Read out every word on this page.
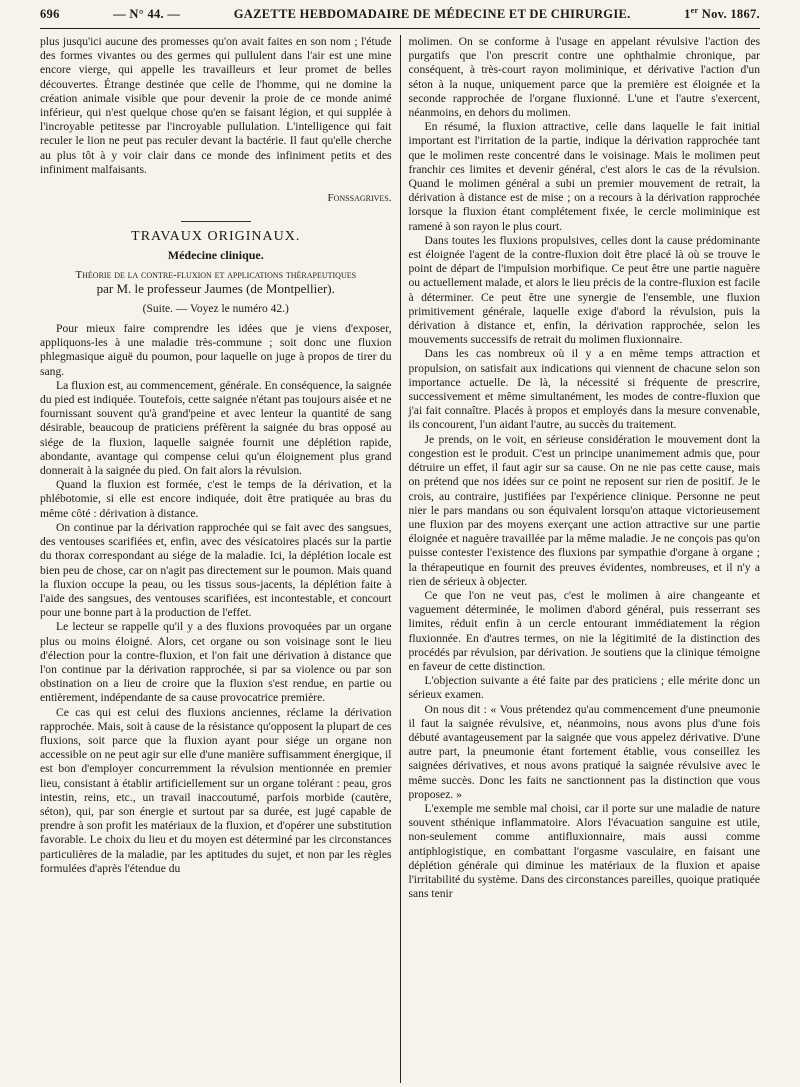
696	— N° 44. —	GAZETTE HEBDOMADAIRE DE MÉDECINE ET DE CHIRURGIE.	1er Nov. 1867.

plus jusqu'ici aucune des promesses qu'on avait faites en son nom ; l'étude des formes vivantes ou des germes qui pullulent dans l'air est une mine encore vierge, qui appelle les travailleurs et leur promet de belles découvertes. Étrange destinée que celle de l'homme, qui ne domine la création animale visible que pour devenir la proie de ce monde animé inférieur, qui n'est quelque chose qu'en se faisant légion, et qui supplée à l'incroyable petitesse par l'incroyable pullulation. L'intelligence qui fait reculer le lion ne peut pas reculer devant la bactérie. Il faut qu'elle cherche au plus tôt à y voir clair dans ce monde des infiniment petits et des infiniment malfaisants.

Fonssagrives.
TRAVAUX ORIGINAUX.
Médecine clinique.
Théorie de la contre-fluxion et applications thérapeutiques
par M. le professeur Jaumes (de Montpellier).
(Suite. — Voyez le numéro 42.)

Pour mieux faire comprendre les idées que je viens d'exposer, appliquons-les à une maladie très-commune ; soit donc une fluxion phlegmasique aiguë du poumon, pour laquelle on juge à propos de tirer du sang.

La fluxion est, au commencement, générale. En conséquence, la saignée du pied est indiquée. Toutefois, cette saignée n'étant pas toujours aisée et ne fournissant souvent qu'à grand'peine et avec lenteur la quantité de sang désirable, beaucoup de praticiens préfèrent la saignée du bras opposé au siége de la fluxion, laquelle saignée fournit une déplétion rapide, abondante, avantage qui compense celui qu'un éloignement plus grand donnerait à la saignée du pied. On fait alors la révulsion.

Quand la fluxion est formée, c'est le temps de la dérivation, et la phlébotomie, si elle est encore indiquée, doit être pratiquée au bras du même côté : dérivation à distance.

On continue par la dérivation rapprochée qui se fait avec des sangsues, des ventouses scarifiées et, enfin, avec des vésicatoires placés sur la partie du thorax correspondant au siége de la maladie. Ici, la déplétion locale est bien peu de chose, car on n'agit pas directement sur le poumon. Mais quand la fluxion occupe la peau, ou les tissus sous-jacents, la déplétion faite à l'aide des sangsues, des ventouses scarifiées, est incontestable, et concourt pour une bonne part à la production de l'effet.

Le lecteur se rappelle qu'il y a des fluxions provoquées par un organe plus ou moins éloigné. Alors, cet organe ou son voisinage sont le lieu d'élection pour la contre-fluxion, et l'on fait une dérivation à distance que l'on continue par la dérivation rapprochée, si par sa violence ou par son obstination on a lieu de croire que la fluxion s'est rendue, en partie ou entièrement, indépendante de sa cause provocatrice première.

Ce cas qui est celui des fluxions anciennes, réclame la dérivation rapprochée. Mais, soit à cause de la résistance qu'opposent la plupart de ces fluxions, soit parce que la fluxion ayant pour siége un organe non accessible on ne peut agir sur elle d'une manière suffisamment énergique, il est bon d'employer concurremment la révulsion mentionnée en premier lieu, consistant à établir artificiellement sur un organe tolérant : peau, gros intestin, reins, etc., un travail inaccoutumé, parfois morbide (cautère, séton), qui, par son énergie et surtout par sa durée, est jugé capable de prendre à son profit les matériaux de la fluxion, et d'opérer une substitution favorable. Le choix du lieu et du moyen est déterminé par les circonstances particulières de la maladie, par les aptitudes du sujet, et non par les règles formulées d'après l'étendue du

molimen. On se conforme à l'usage en appelant révulsive l'action des purgatifs que l'on prescrit contre une ophthalmie chronique, par conséquent, à très-court rayon moliminique, et dérivative l'action d'un séton à la nuque, uniquement parce que la première est éloignée et la seconde rapprochée de l'organe fluxionné. L'une et l'autre s'exercent, néanmoins, en dehors du molimen.

En résumé, la fluxion attractive, celle dans laquelle le fait initial important est l'irritation de la partie, indique la dérivation rapprochée tant que le molimen reste concentré dans le voisinage. Mais le molimen peut franchir ces limites et devenir général, c'est alors le cas de la révulsion. Quand le molimen général a subi un premier mouvement de retrait, la dérivation à distance est de mise ; on a recours à la dérivation rapprochée lorsque la fluxion étant complétement fixée, le cercle moliminique est ramené à son rayon le plus court.

Dans toutes les fluxions propulsives, celles dont la cause prédominante est éloignée l'agent de la contre-fluxion doit être placé là où se trouve le point de départ de l'impulsion morbifique. Ce peut être une partie naguère ou actuellement malade, et alors le lieu précis de la contre-fluxion est facile à déterminer. Ce peut être une synergie de l'ensemble, une fluxion primitivement générale, laquelle exige d'abord la révulsion, puis la dérivation à distance et, enfin, la dérivation rapprochée, selon les mouvements successifs de retrait du molimen fluxionnaire.

Dans les cas nombreux où il y a en même temps attraction et propulsion, on satisfait aux indications qui viennent de chacune selon son importance actuelle. De là, la nécessité si fréquente de prescrire, successivement et même simultanément, les modes de contre-fluxion que j'ai fait connaître. Placés à propos et employés dans la mesure convenable, ils concourent, l'un aidant l'autre, au succès du traitement.

Je prends, on le voit, en sérieuse considération le mouvement dont la congestion est le produit. C'est un principe unanimement admis que, pour détruire un effet, il faut agir sur sa cause. On ne nie pas cette cause, mais on prétend que nos idées sur ce point ne reposent sur rien de positif. Je le crois, au contraire, justifiées par l'expérience clinique. Personne ne peut nier le pars mandans ou son équivalent lorsqu'on attaque victorieusement une fluxion par des moyens exerçant une action attractive sur une partie éloignée et naguère travaillée par la même maladie. Je ne conçois pas qu'on puisse contester l'existence des fluxions par sympathie d'organe à organe ; la thérapeutique en fournit des preuves évidentes, nombreuses, et il n'y a rien de sérieux à objecter.

Ce que l'on ne veut pas, c'est le molimen à aire changeante et vaguement déterminée, le molimen d'abord général, puis resserrant ses limites, réduit enfin à un cercle entourant immédiatement la région fluxionnée. En d'autres termes, on nie la légitimité de la distinction des procédés par révulsion, par dérivation. Je soutiens que la clinique témoigne en faveur de cette distinction.

L'objection suivante a été faite par des praticiens ; elle mérite donc un sérieux examen.

On nous dit : « Vous prétendez qu'au commencement d'une pneumonie il faut la saignée révulsive, et, néanmoins, nous avons plus d'une fois débuté avantageusement par la saignée que vous appelez dérivative. D'une autre part, la pneumonie étant fortement établie, vous conseillez les saignées dérivatives, et nous avons pratiqué la saignée révulsive avec le même succès. Donc les faits ne sanctionnent pas la distinction que vous proposez. »

L'exemple me semble mal choisi, car il porte sur une maladie de nature souvent sthénique inflammatoire. Alors l'évacuation sanguine est utile, non-seulement comme antifluxionnaire, mais aussi comme antiphlogistique, en combattant l'orgasme vasculaire, en faisant une déplétion générale qui diminue les matériaux de la fluxion et apaise l'irritabilité du système. Dans des circonstances pareilles, quoique pratiquée sans tenir
